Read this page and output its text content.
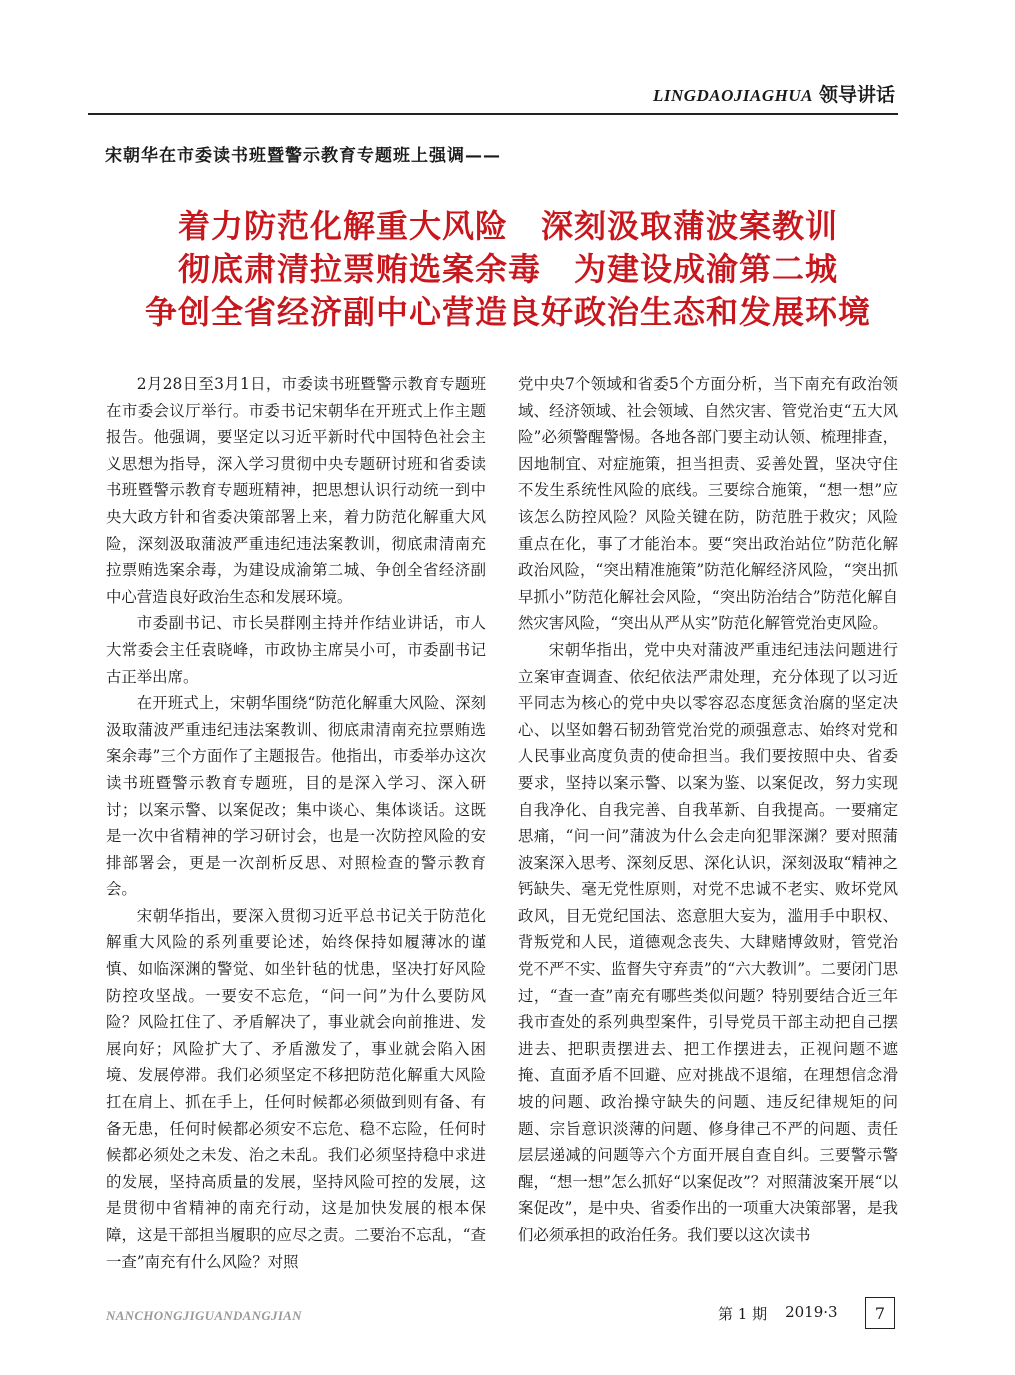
LINGDAOJIAGHUA 领导讲话
宋朝华在市委读书班暨警示教育专题班上强调——
着力防范化解重大风险　深刻汲取蒲波案教训
彻底肃清拉票贿选案余毒　为建设成渝第二城
争创全省经济副中心营造良好政治生态和发展环境

2月28日至3月1日，市委读书班暨警示教育专题班在市委会议厅举行。市委书记宋朝华在开班式上作主题报告。他强调，要坚定以习近平新时代中国特色社会主义思想为指导，深入学习贯彻中央专题研讨班和省委读书班暨警示教育专题班精神，把思想认识行动统一到中央大政方针和省委决策部署上来，着力防范化解重大风险，深刻汲取蒲波严重违纪违法案教训，彻底肃清南充拉票贿选案余毒，为建设成渝第二城、争创全省经济副中心营造良好政治生态和发展环境。

市委副书记、市长吴群刚主持并作结业讲话，市人大常委会主任袁晓峰，市政协主席吴小可，市委副书记古正举出席。

在开班式上，宋朝华围绕“防范化解重大风险、深刻汲取蒲波严重违纪违法案教训、彻底肃清南充拉票贿选案余毒”三个方面作了主题报告。他指出，市委举办这次读书班暨警示教育专题班，目的是深入学习、深入研讨；以案示警、以案促改；集中谈心、集体谈话。这既是一次中省精神的学习研讨会，也是一次防控风险的安排部署会，更是一次剖析反思、对照检查的警示教育会。

宋朝华指出，要深入贯彻习近平总书记关于防范化解重大风险的系列重要论述，始终保持如履薄冰的谨慎、如临深渊的警觉、如坐针毡的忧患，坚决打好风险防控攻坚战。一要安不忘危，“问一问”为什么要防风险？风险扛住了、矛盾解决了，事业就会向前推进、发展向好；风险扩大了、矛盾激发了，事业就会陷入困境、发展停滞。我们必须坚定不移把防范化解重大风险扛在肩上、抓在手上，任何时候都必须做到则有备、有备无患，任何时候都必须安不忘危、稳不忘险，任何时候都必须处之未发、治之未乱。我们必须坚持稳中求进的发展，坚持高质量的发展，坚持风险可控的发展，这是贯彻中省精神的南充行动，这是加快发展的根本保障，这是干部担当履职的应尽之责。二要治不忘乱，“查一查”南充有什么风险？对照

党中央7个领域和省委5个方面分析，当下南充有政治领域、经济领域、社会领域、自然灾害、管党治吏“五大风险”必须警醒警惕。各地各部门要主动认领、梳理排查，因地制宜、对症施策，担当担责、妥善处置，坚决守住不发生系统性风险的底线。三要综合施策，“想一想”应该怎么防控风险？风险关键在防，防范胜于救灾；风险重点在化，事了才能治本。要“突出政治站位”防范化解政治风险，“突出精准施策”防范化解经济风险，“突出抓早抓小”防范化解社会风险，“突出防治结合”防范化解自然灾害风险，“突出从严从实”防范化解管党治吏风险。

宋朝华指出，党中央对蒲波严重违纪违法问题进行立案审查调查、依纪依法严肃处理，充分体现了以习近平同志为核心的党中央以零容忍态度惩贪治腐的坚定决心、以坚如磐石韧劲管党治党的顽强意志、始终对党和人民事业高度负责的使命担当。我们要按照中央、省委要求，坚持以案示警、以案为鉴、以案促改，努力实现自我净化、自我完善、自我革新、自我提高。一要痛定思痛，“问一问”蒲波为什么会走向犯罪深渊？要对照蒲波案深入思考、深刻反思、深化认识，深刻汲取“精神之钙缺失、毫无党性原则，对党不忠诚不老实、败坏党风政风，目无党纪国法、恣意胆大妄为，滥用手中职权、背叛党和人民，道德观念丧失、大肆赌博敛财，管党治党不严不实、监督失守弃责”的“六大教训”。二要闭门思过，“查一查”南充有哪些类似问题？特别要结合近三年我市查处的系列典型案件，引导党员干部主动把自己摆进去、把职责摆进去、把工作摆进去，正视问题不遮掩、直面矛盾不回避、应对挑战不退缩，在理想信念滑坡的问题、政治操守缺失的问题、违反纪律规矩的问题、宗旨意识淡薄的问题、修身律己不严的问题、责任层层递减的问题等六个方面开展自查自纠。三要警示警醒，“想一想”怎么抓好“以案促改”？对照蒲波案开展“以案促改”，是中央、省委作出的一项重大决策部署，是我们必须承担的政治任务。我们要以这次读书

NANCHONGJIGUANDANGJIAN	第 1 期 2019·3	7
